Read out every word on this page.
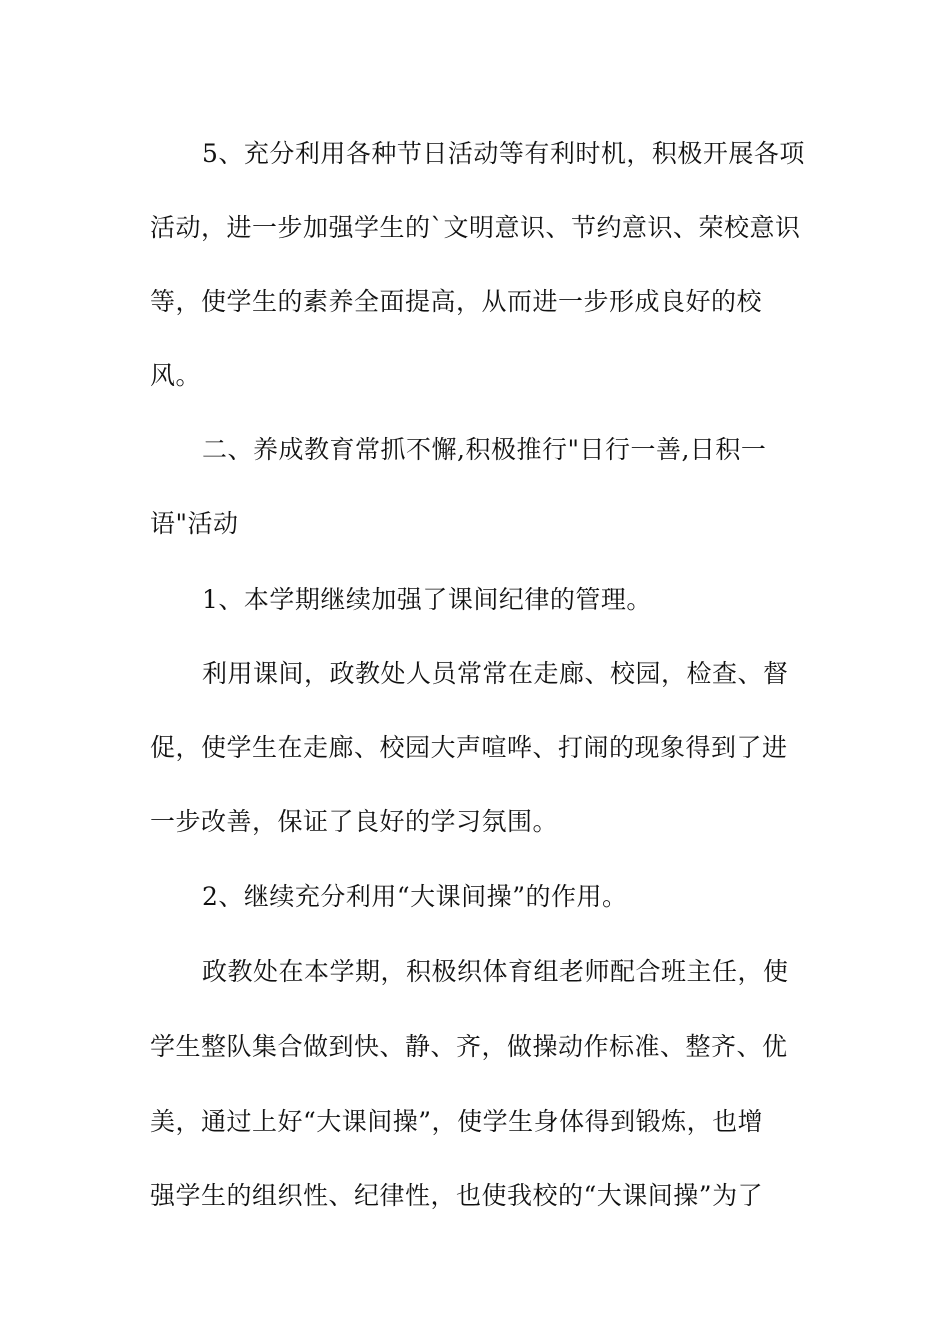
5、充分利用各种节日活动等有利时机，积极开展各项
活动，进一步加强学生的`文明意识、节约意识、荣校意识
等，使学生的素养全面提高，从而进一步形成良好的校
风。
二、养成教育常抓不懈,积极推行"日行一善,日积一
语"活动
1、本学期继续加强了课间纪律的管理。
利用课间，政教处人员常常在走廊、校园，检查、督
促，使学生在走廊、校园大声喧哗、打闹的现象得到了进
一步改善，保证了良好的学习氛围。
2、继续充分利用“大课间操”的作用。
政教处在本学期，积极织体育组老师配合班主任，使
学生整队集合做到快、静、齐，做操动作标准、整齐、优
美，通过上好“大课间操”，使学生身体得到锻炼，也增
强学生的组织性、纪律性，也使我校的“大课间操”为了
